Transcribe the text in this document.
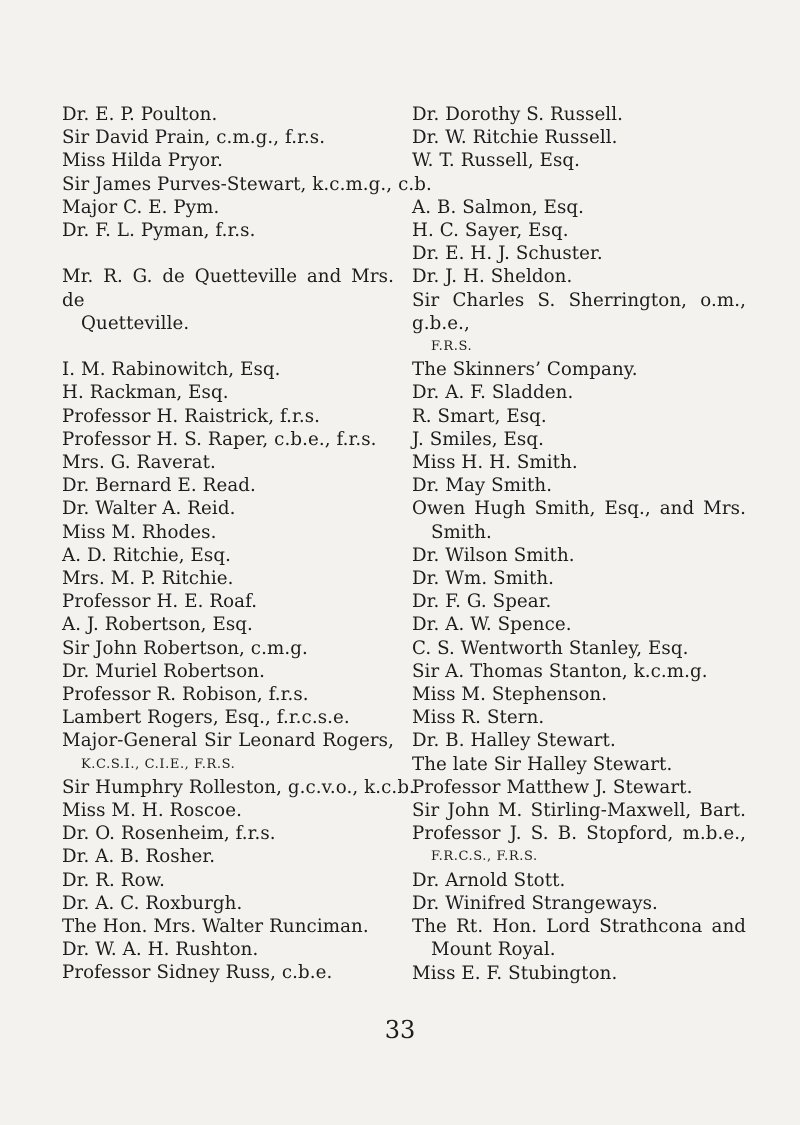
Dr. E. P. Poulton.
Sir David Prain, c.m.g., f.r.s.
Miss Hilda Pryor.
Sir James Purves-Stewart, k.c.m.g., c.b.
Major C. E. Pym.
Dr. F. L. Pyman, f.r.s.
Mr. R. G. de Quetteville and Mrs. de
Quetteville.
I. M. Rabinowitch, Esq.
H. Rackman, Esq.
Professor H. Raistrick, f.r.s.
Professor H. S. Raper, c.b.e., f.r.s.
Mrs. G. Raverat.
Dr. Bernard E. Read.
Dr. Walter A. Reid.
Miss M. Rhodes.
A. D. Ritchie, Esq.
Mrs. M. P. Ritchie.
Professor H. E. Roaf.
A. J. Robertson, Esq.
Sir John Robertson, c.m.g.
Dr. Muriel Robertson.
Professor R. Robison, f.r.s.
Lambert Rogers, Esq., f.r.c.s.e.
Major-General Sir Leonard Rogers,
K.C.S.I., C.I.E., F.R.S.
Sir Humphry Rolleston, g.c.v.o., k.c.b.
Miss M. H. Roscoe.
Dr. O. Rosenheim, f.r.s.
Dr. A. B. Rosher.
Dr. R. Row.
Dr. A. C. Roxburgh.
The Hon. Mrs. Walter Runciman.
Dr. W. A. H. Rushton.
Professor Sidney Russ, c.b.e.
Dr. Dorothy S. Russell.
Dr. W. Ritchie Russell.
W. T. Russell, Esq.
A. B. Salmon, Esq.
H. C. Sayer, Esq.
Dr. E. H. J. Schuster.
Dr. J. H. Sheldon.
Sir Charles S. Sherrington, o.m., g.b.e.,
F.R.S.
The Skinners’ Company.
Dr. A. F. Sladden.
R. Smart, Esq.
J. Smiles, Esq.
Miss H. H. Smith.
Dr. May Smith.
Owen Hugh Smith, Esq., and Mrs.
Smith.
Dr. Wilson Smith.
Dr. Wm. Smith.
Dr. F. G. Spear.
Dr. A. W. Spence.
C. S. Wentworth Stanley, Esq.
Sir A. Thomas Stanton, k.c.m.g.
Miss M. Stephenson.
Miss R. Stern.
Dr. B. Halley Stewart.
The late Sir Halley Stewart.
Professor Matthew J. Stewart.
Sir John M. Stirling-Maxwell, Bart.
Professor J. S. B. Stopford, m.b.e.,
F.R.C.S., F.R.S.
Dr. Arnold Stott.
Dr. Winifred Strangeways.
The Rt. Hon. Lord Strathcona and
Mount Royal.
Miss E. F. Stubington.
33
